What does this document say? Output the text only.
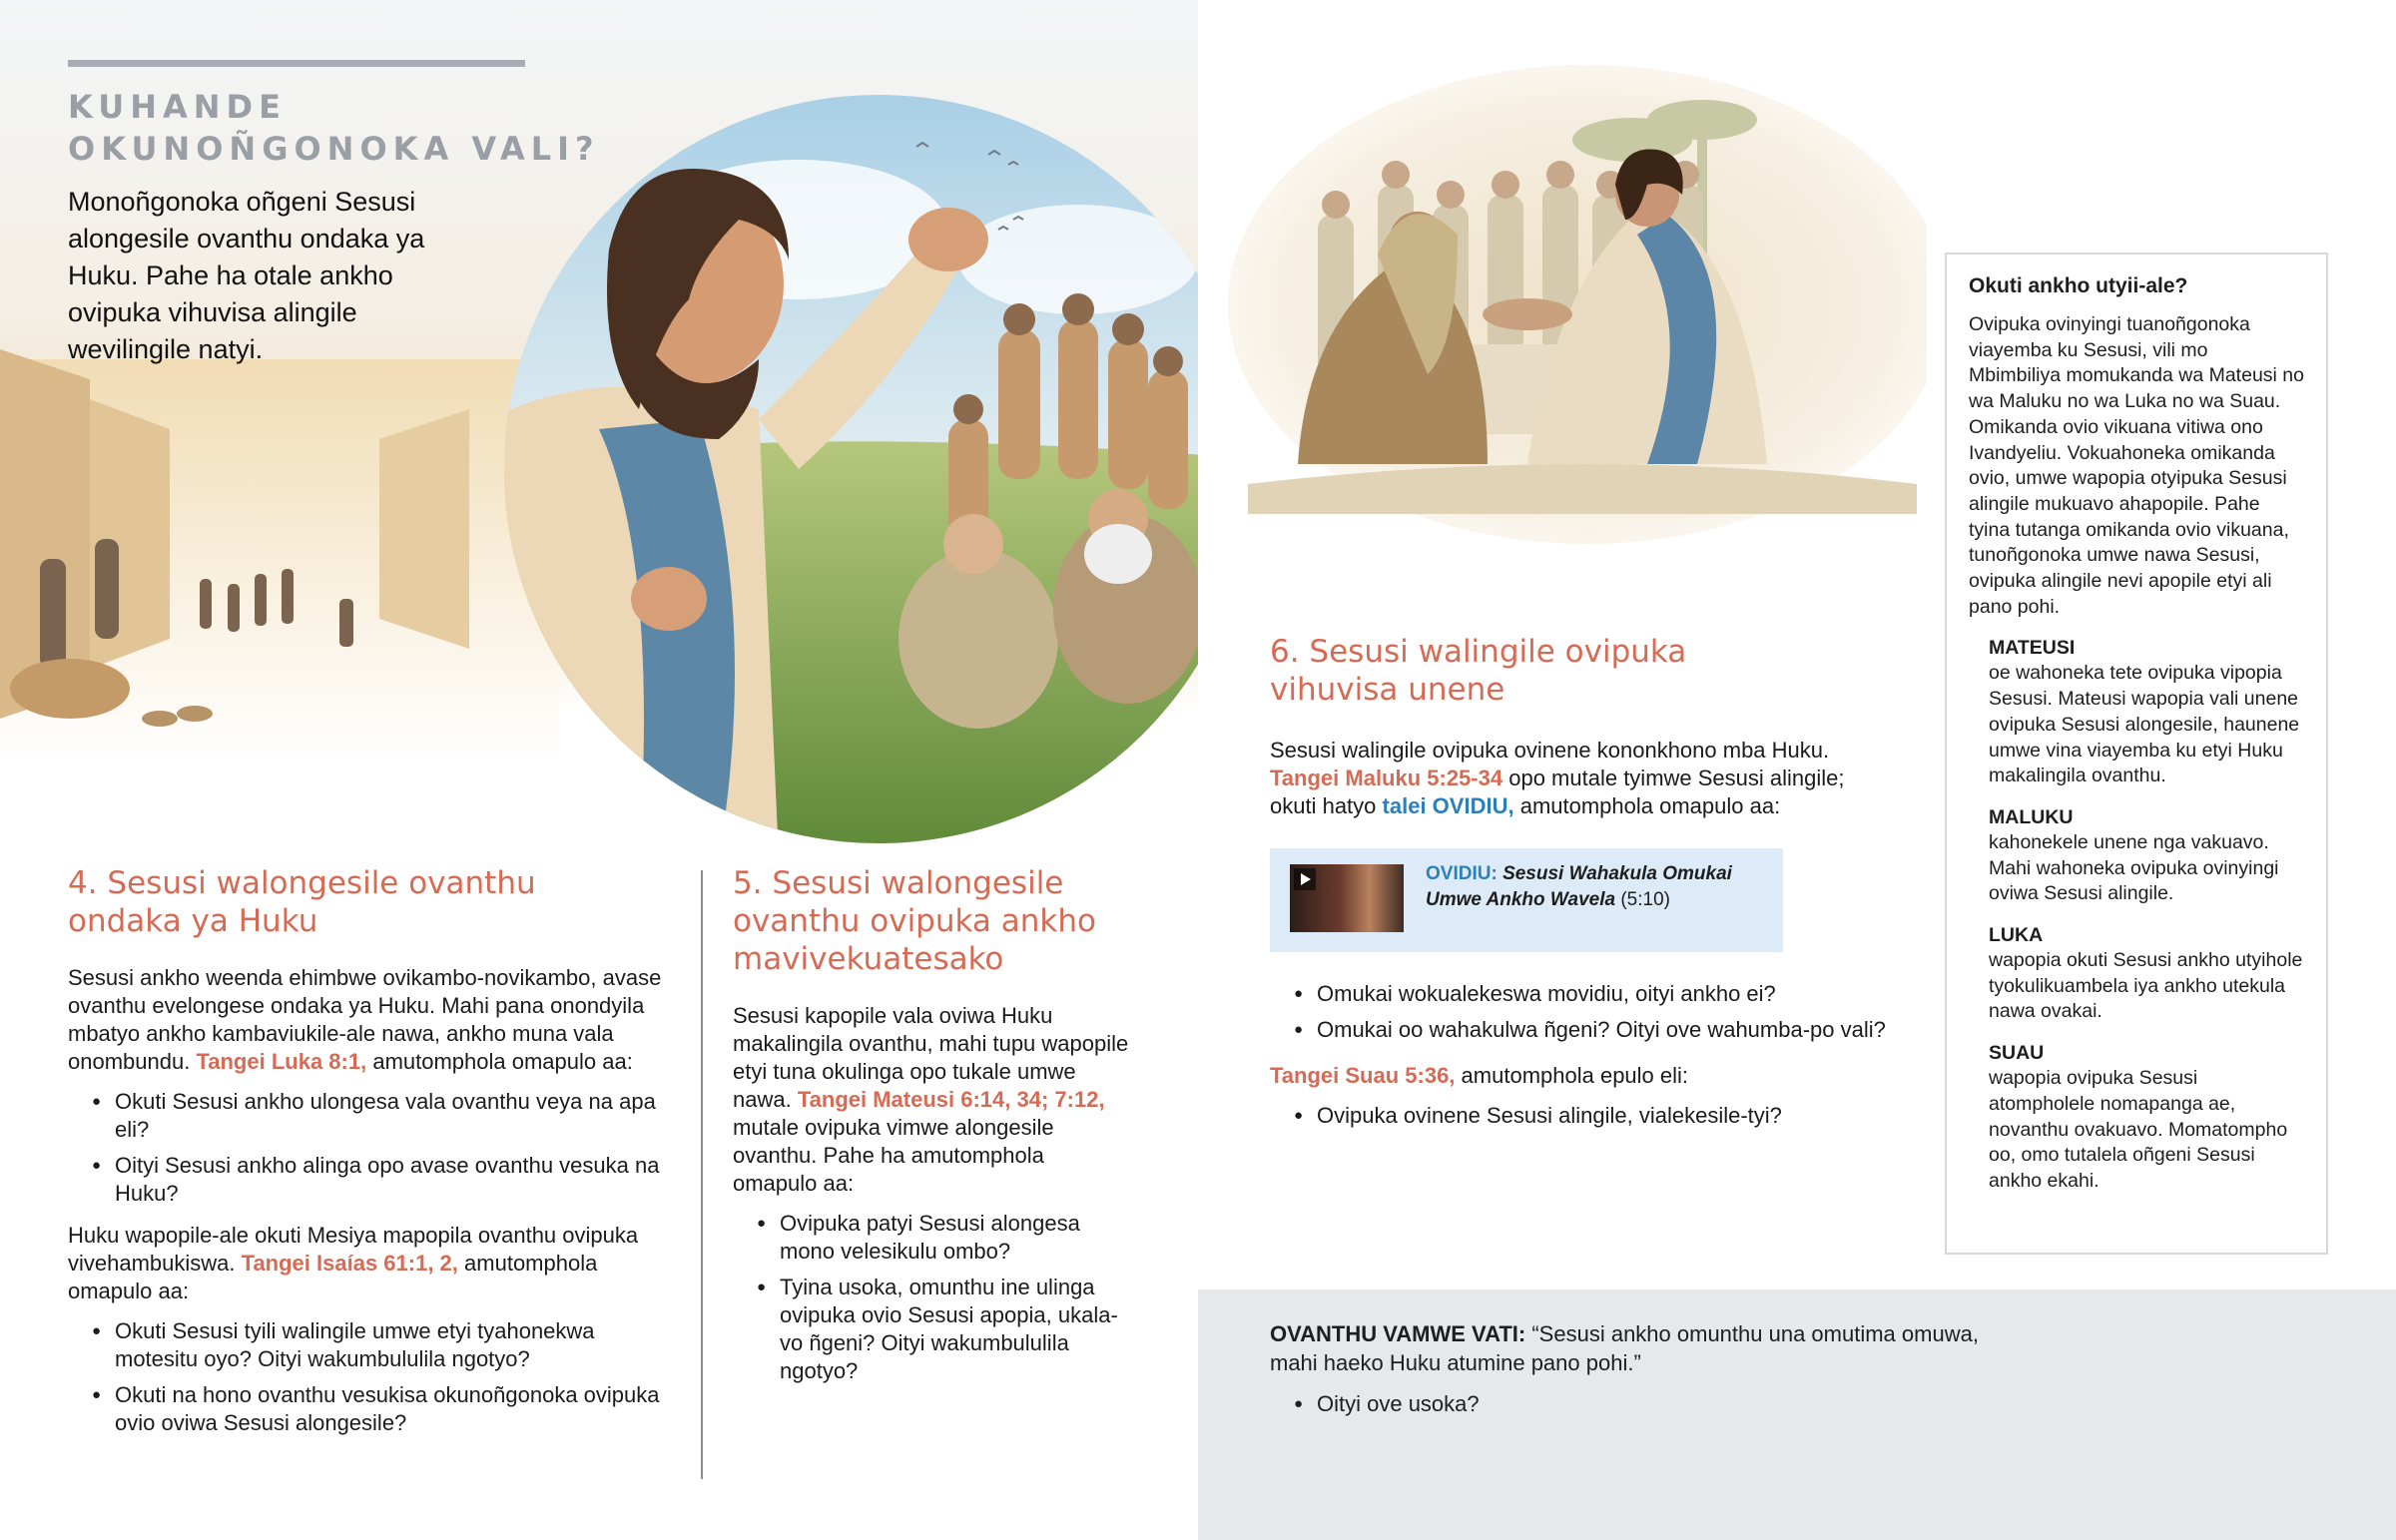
KUHANDE
OKUNOÑGONOKA VALI?
Monoñgonoka oñgeni Sesusi alongesile ovanthu ondaka ya Huku. Pahe ha otale ankho ovipuka vihuvisa alingile wevilingile natyi.
4. Sesusi walongesile ovanthu ondaka ya Huku

Sesusi ankho weenda ehimbwe ovikambo-novikambo, avase ovanthu evelongese ondaka ya Huku. Mahi pana onondyila mbatyo ankho kambaviukile-ale nawa, ankho muna vala onombundu. Tangei Luka 8:1, amutomphola omapulo aa:

● Okuti Sesusi ankho ulongesa vala ovanthu veya na apa eli?
● Oityi Sesusi ankho alinga opo avase ovanthu vesuka na Huku?

Huku wapopile-ale okuti Mesiya mapopila ovanthu ovipuka vivehambukiswa. Tangei Isaías 61:1, 2, amutomphola omapulo aa:

● Okuti Sesusi tyili walingile umwe etyi tyahonekwa motesitu oyo? Oityi wakumbululila ngotyo?
● Okuti na hono ovanthu vesukisa okunoñgonoka ovipuka ovio oviwa Sesusi alongesile?
5. Sesusi walongesile ovanthu ovipuka ankho mavivekuatesako

Sesusi kapopile vala oviwa Huku makalingila ovanthu, mahi tupu wapopile etyi tuna okulinga opo tukale umwe nawa. Tangei Mateusi 6:14, 34; 7:12, mutale ovipuka vimwe alongesile ovanthu. Pahe ha amutomphola omapulo aa:

● Ovipuka patyi Sesusi alongesa mono velesikulu ombo?
● Tyina usoka, omunthu ine ulinga ovipuka ovio Sesusi apopia, ukala-vo ñgeni? Oityi wakumbululila ngotyo?
6. Sesusi walingile ovipuka vihuvisa unene

Sesusi walingile ovipuka ovinene kononkhono mba Huku. Tangei Maluku 5:25-34 opo mutale tyimwe Sesusi alingile; okuti hatyo talei OVIDIU, amutomphola omapulo aa:

OVIDIU: Sesusi Wahakula Omukai Umwe Ankho Wavela (5:10)
● Omukai wokualekeswa movidiu, oityi ankho ei?
● Omukai oo wahakulwa ñgeni? Oityi ove wahumba-po vali?

Tangei Suau 5:36, amutomphola epulo eli:

● Ovipuka ovinene Sesusi alingile, vialekesile-tyi?
Okuti ankho utyii-ale?

Ovipuka ovinyingi tuanoñgonoka viayemba ku Sesusi, vili mo Mbimbiliya momukanda wa Mateusi no wa Maluku no wa Luka no wa Suau. Omikanda ovio vikuana vitiwa ono Ivandyeliu. Vokuahoneka omikanda ovio, umwe wapopia otyipuka Sesusi alingile mukuavo ahapopile. Pahe tyina tutanga omikanda ovio vikuana, tunoñgonoka umwe nawa Sesusi, ovipuka alingile nevi apopile etyi ali pano pohi.

MATEUSI
oe wahoneka tete ovipuka vipopia Sesusi. Mateusi wapopia vali unene ovipuka Sesusi alongesile, haunene umwe vina viayemba ku etyi Huku makalingila ovanthu.
MALUKU
kahonekele unene nga vakuavo. Mahi wahoneka ovipuka ovinyingi oviwa Sesusi alingile.
LUKA
wapopia okuti Sesusi ankho utyihole tyokulikuambela iya ankho utekula nawa ovakai.
SUAU
wapopia ovipuka Sesusi atompholele nomapanga ae, novanthu ovakuavo. Momatompho oo, omo tutalela oñgeni Sesusi ankho ekahi.

OVANTHU VAMWE VATI: “Sesusi ankho omunthu una omutima omuwa, mahi haeko Huku atumine pano pohi.”

● Oityi ove usoka?
